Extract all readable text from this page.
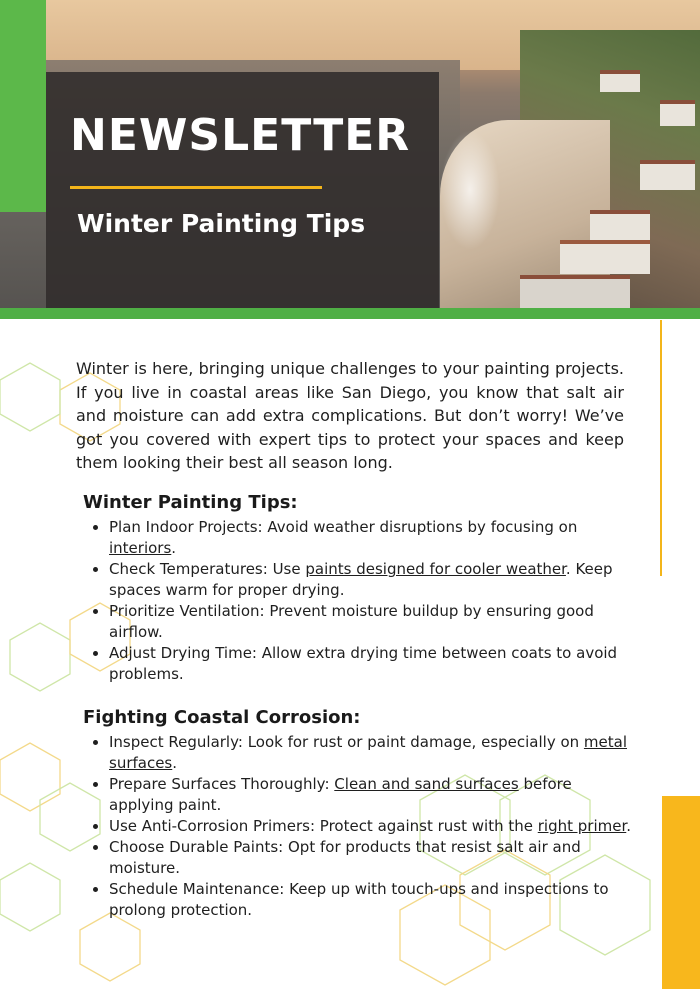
NEWSLETTER
Winter Painting Tips

Winter is here, bringing unique challenges to your painting projects. If you live in coastal areas like San Diego, you know that salt air and moisture can add extra complications. But don’t worry! We’ve got you covered with expert tips to protect your spaces and keep them looking their best all season long.

Winter Painting Tips:
• Plan Indoor Projects: Avoid weather disruptions by focusing on interiors.
• Check Temperatures: Use paints designed for cooler weather. Keep spaces warm for proper drying.
• Prioritize Ventilation: Prevent moisture buildup by ensuring good airflow.
• Adjust Drying Time: Allow extra drying time between coats to avoid problems.
Fighting Coastal Corrosion:
• Inspect Regularly: Look for rust or paint damage, especially on metal surfaces.
• Prepare Surfaces Thoroughly: Clean and sand surfaces before applying paint.
• Use Anti-Corrosion Primers: Protect against rust with the right primer.
• Choose Durable Paints: Opt for products that resist salt air and moisture.
• Schedule Maintenance: Keep up with touch-ups and inspections to prolong protection.
